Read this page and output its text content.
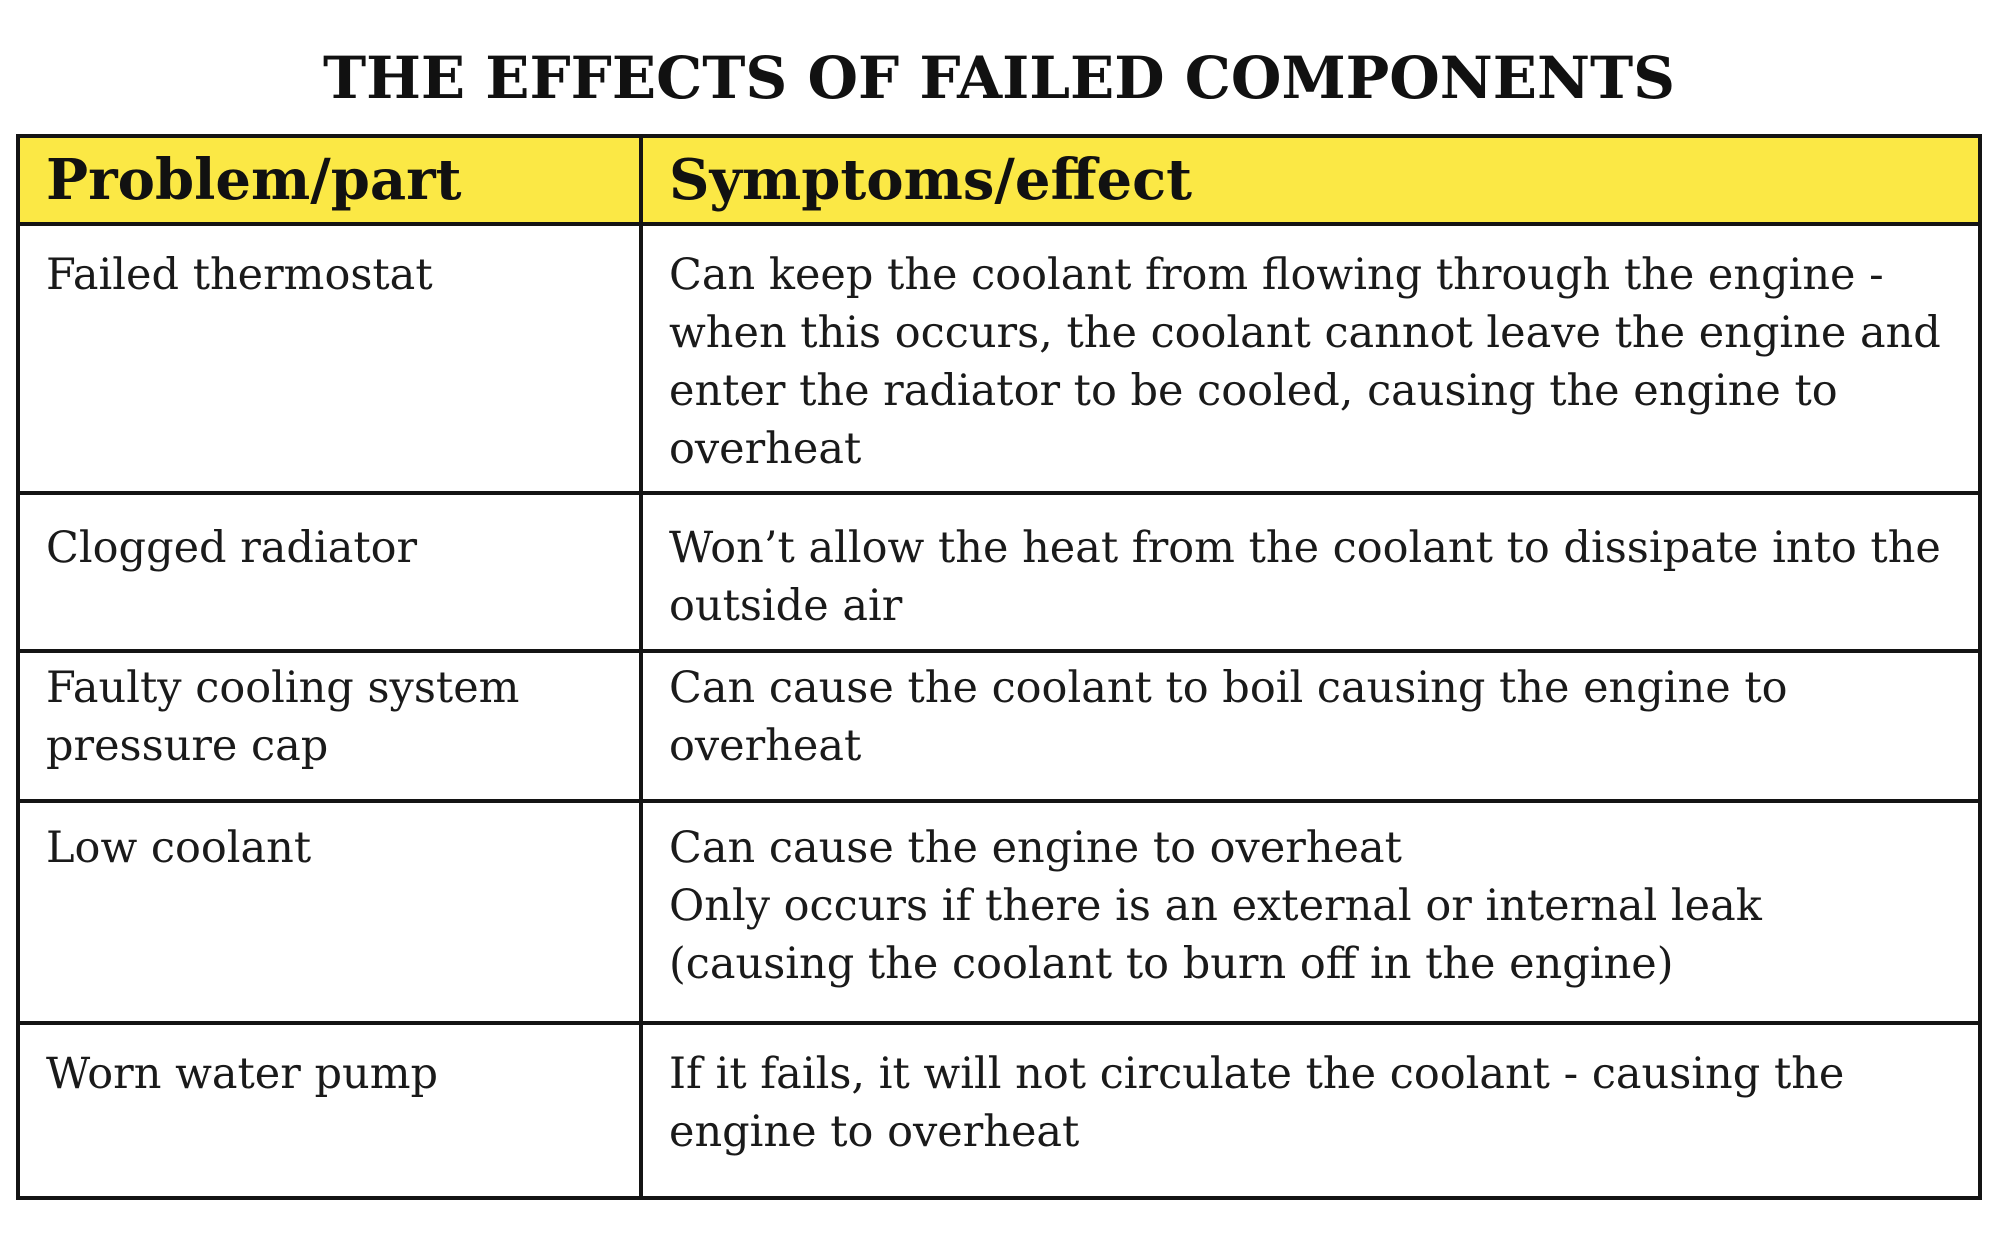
THE EFFECTS OF FAILED COMPONENTS
Problem/part	Symptoms/effect
Failed thermostat	Can keep the coolant from flowing through the engine - when this occurs, the coolant cannot leave the engine and enter the radiator to be cooled, causing the engine to overheat
Clogged radiator	Won’t allow the heat from the coolant to dissipate into the outside air
Faulty cooling system pressure cap	Can cause the coolant to boil causing the engine to overheat
Low coolant	Can cause the engine to overheat
Only occurs if there is an external or internal leak (causing the coolant to burn off in the engine)

Worn water pump	If it fails, it will not circulate the coolant - causing the engine to overheat
